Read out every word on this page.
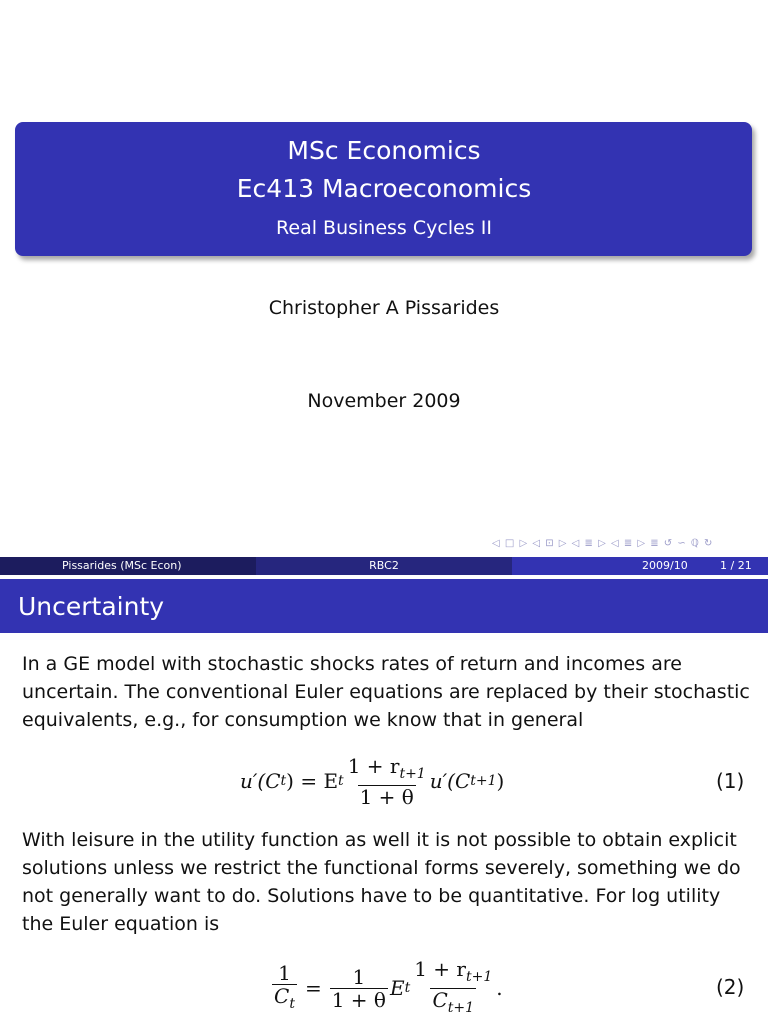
MSc Economics
Ec413 Macroeconomics
Real Business Cycles II
Christopher A Pissarides
November 2009
◁ □ ▷ ◁ ⊡ ▷ ◁ ≣ ▷ ◁ ≣ ▷ ≣ ↺ ∽ ℚ ↻
Pissarides (MSc Econ)	RBC2	2009/10	1 / 21
Uncertainty
In a GE model with stochastic shocks rates of return and incomes are uncertain. The conventional Euler equations are replaced by their stochastic equivalents, e.g., for consumption we know that in general
u′(C t ) = E t $\frac{1 + r_{t+1}}{1 + \theta} u'(C$ t+1 )	(1)
With leisure in the utility function as well it is not possible to obtain explicit solutions unless we restrict the functional forms severely, something we do not generally want to do. Solutions have to be quantitative. For log utility the Euler equation is
$\frac{1}{C_t} = \frac{1}{1 + \theta}$ E t $\frac{1 + r_{t+1}}{C_{t+1}}$ .	(2)
